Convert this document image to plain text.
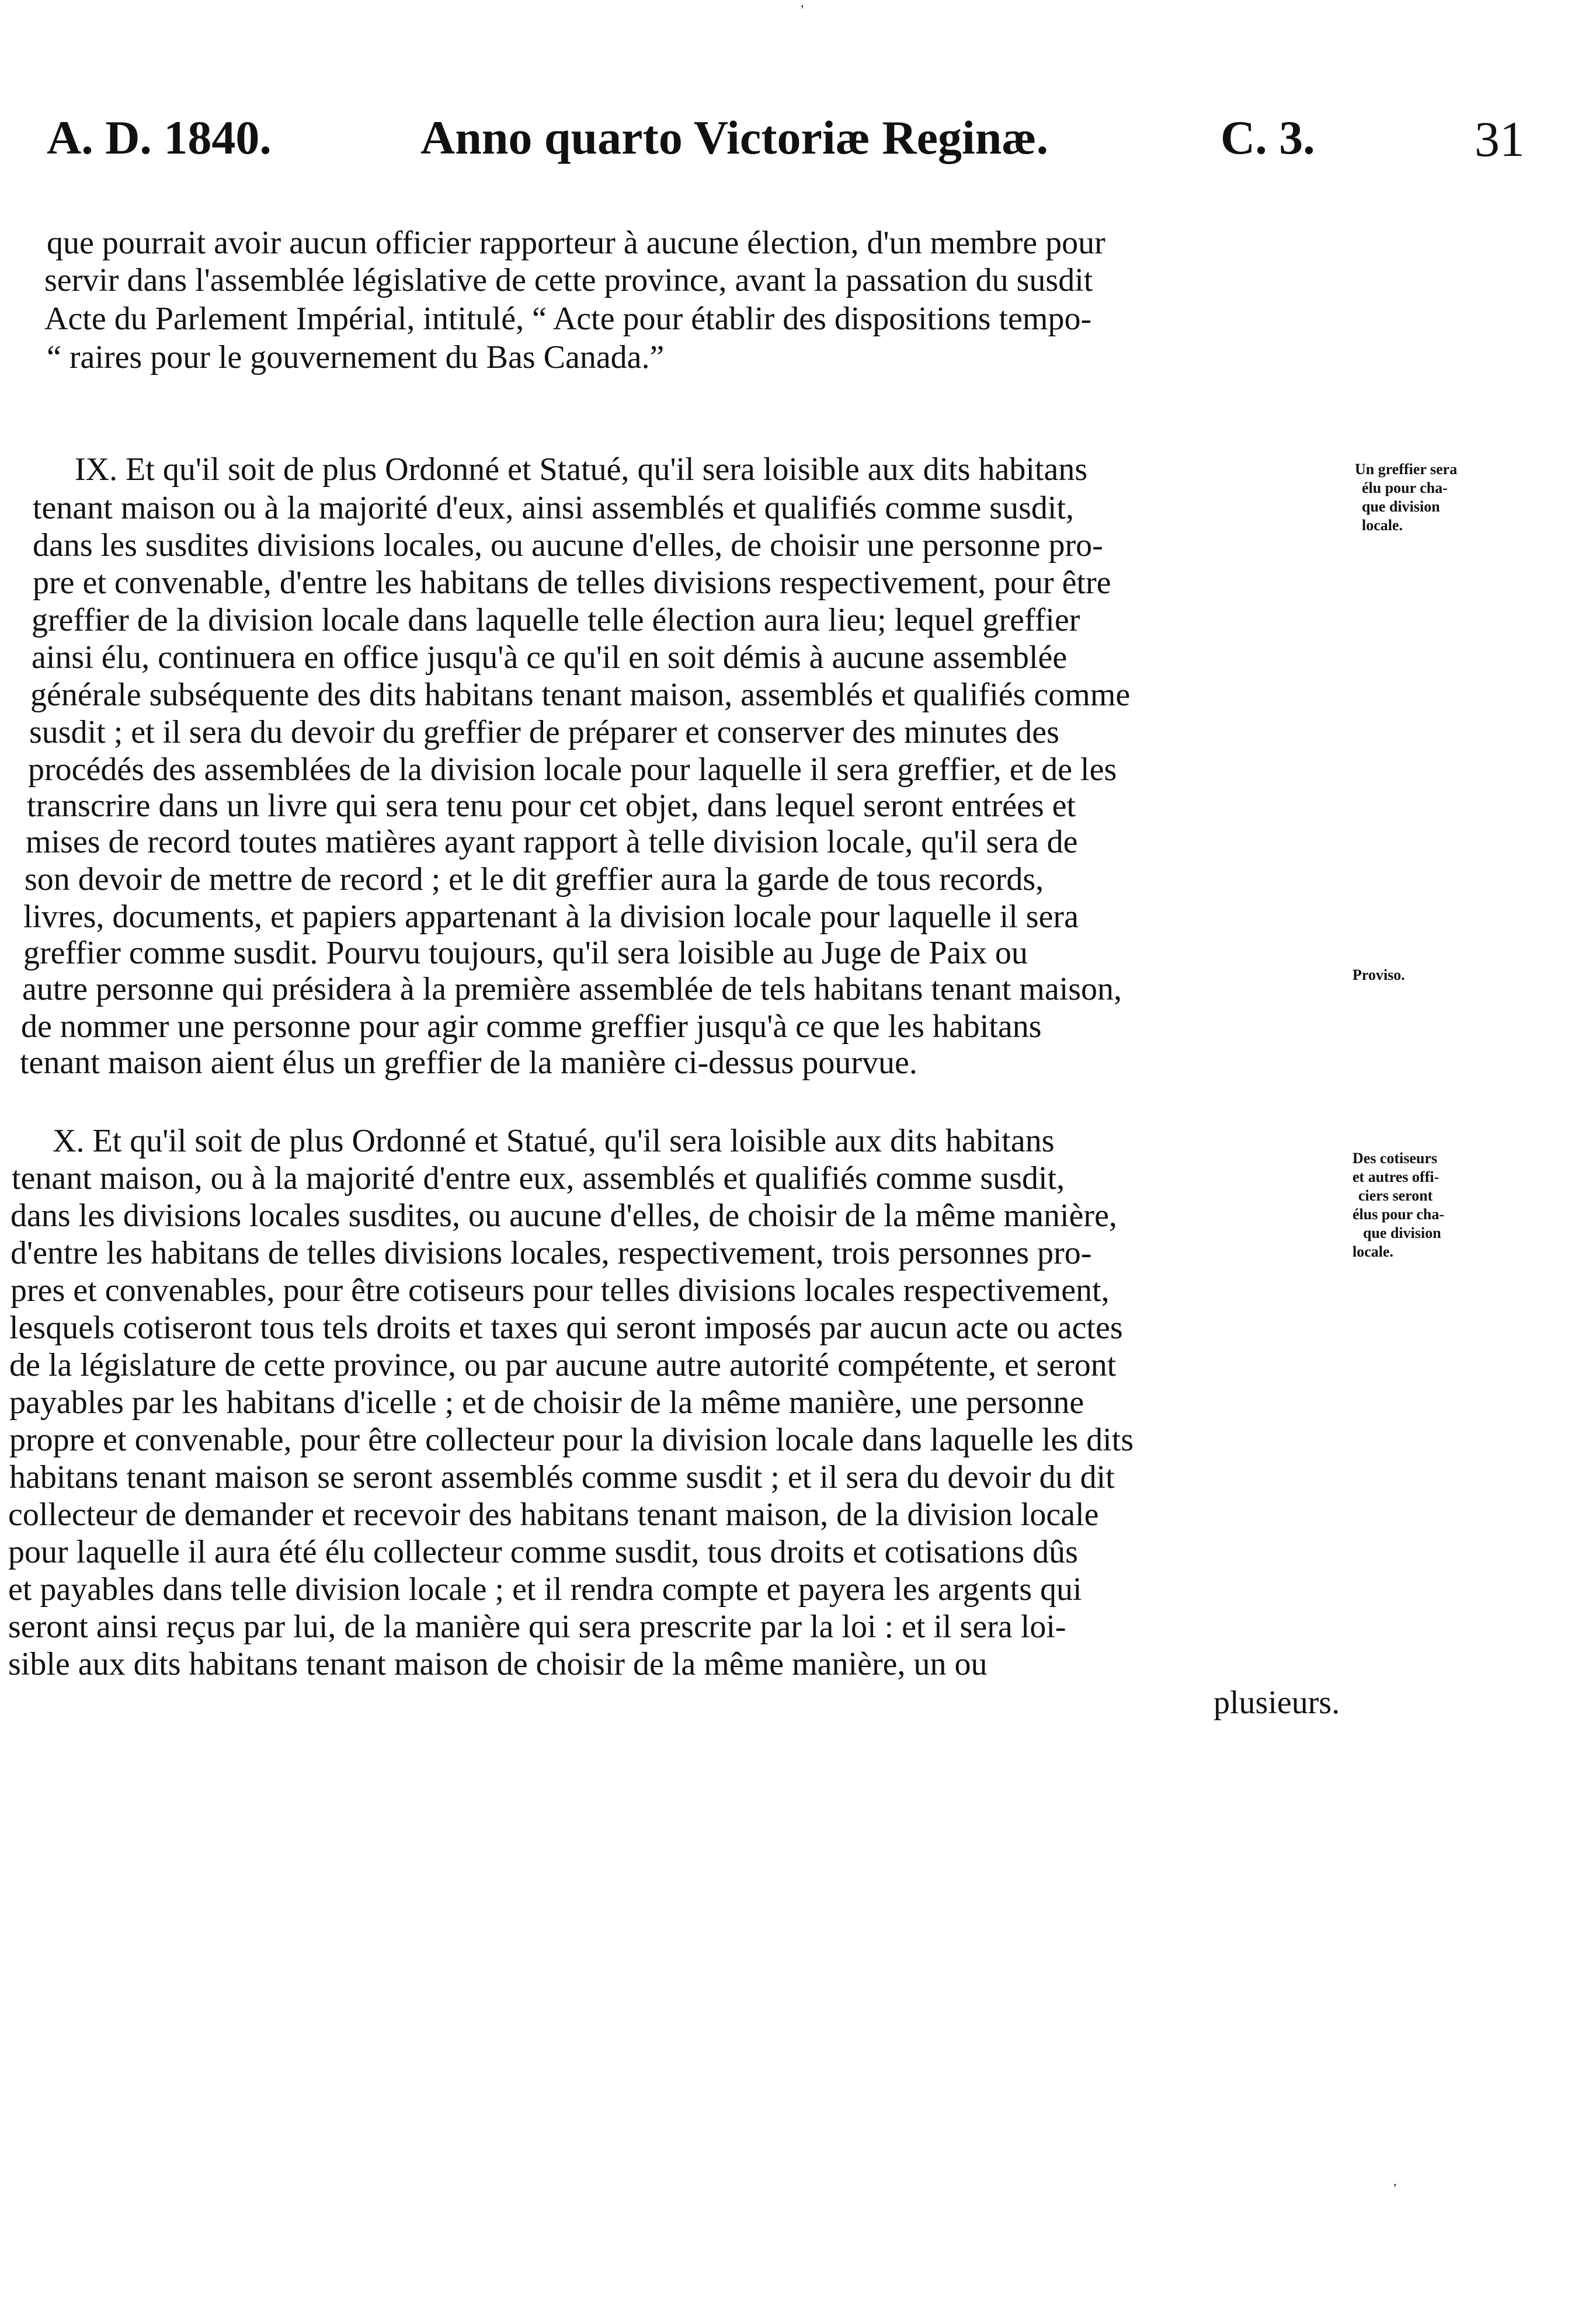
A. D. 1840.	Anno quarto Victoriæ Reginæ.	C. 3.	31
ʼ
que pourrait avoir aucun officier rapporteur à aucune élection, d'un membre pour
servir dans l'assemblée législative de cette province, avant la passation du susdit
Acte du Parlement Impérial, intitulé, “ Acte pour établir des dispositions tempo-
“ raires pour le gouvernement du Bas Canada.”
IX. Et qu'il soit de plus Ordonné et Statué, qu'il sera loisible aux dits habitans
tenant maison ou à la majorité d'eux, ainsi assemblés et qualifiés comme susdit,
dans les susdites divisions locales, ou aucune d'elles, de choisir une personne pro-
pre et convenable, d'entre les habitans de telles divisions respectivement, pour être
greffier de la division locale dans laquelle telle élection aura lieu; lequel greffier
ainsi élu, continuera en office jusqu'à ce qu'il en soit démis à aucune assemblée
générale subséquente des dits habitans tenant maison, assemblés et qualifiés comme
susdit ; et il sera du devoir du greffier de préparer et conserver des minutes des
procédés des assemblées de la division locale pour laquelle il sera greffier, et de les
transcrire dans un livre qui sera tenu pour cet objet, dans lequel seront entrées et
mises de record toutes matières ayant rapport à telle division locale, qu'il sera de
son devoir de mettre de record ; et le dit greffier aura la garde de tous records,
livres, documents, et papiers appartenant à la division locale pour laquelle il sera
greffier comme susdit. Pourvu toujours, qu'il sera loisible au Juge de Paix ou
autre personne qui présidera à la première assemblée de tels habitans tenant maison,
de nommer une personne pour agir comme greffier jusqu'à ce que les habitans
tenant maison aient élus un greffier de la manière ci-dessus pourvue.
Un greffier sera
élu pour cha-
que division
locale.
Proviso.
X. Et qu'il soit de plus Ordonné et Statué, qu'il sera loisible aux dits habitans
tenant maison, ou à la majorité d'entre eux, assemblés et qualifiés comme susdit,
dans les divisions locales susdites, ou aucune d'elles, de choisir de la même manière,
d'entre les habitans de telles divisions locales, respectivement, trois personnes pro-
pres et convenables, pour être cotiseurs pour telles divisions locales respectivement,
lesquels cotiseront tous tels droits et taxes qui seront imposés par aucun acte ou actes
de la législature de cette province, ou par aucune autre autorité compétente, et seront
payables par les habitans d'icelle ; et de choisir de la même manière, une personne
propre et convenable, pour être collecteur pour la division locale dans laquelle les dits
habitans tenant maison se seront assemblés comme susdit ; et il sera du devoir du dit
collecteur de demander et recevoir des habitans tenant maison, de la division locale
pour laquelle il aura été élu collecteur comme susdit, tous droits et cotisations dûs
et payables dans telle division locale ; et il rendra compte et payera les argents qui
seront ainsi reçus par lui, de la manière qui sera prescrite par la loi : et il sera loi-
sible aux dits habitans tenant maison de choisir de la même manière, un ou
plusieurs.
Des cotiseurs
et autres offi-
ciers seront
élus pour cha-
que division
locale.
ʼ
